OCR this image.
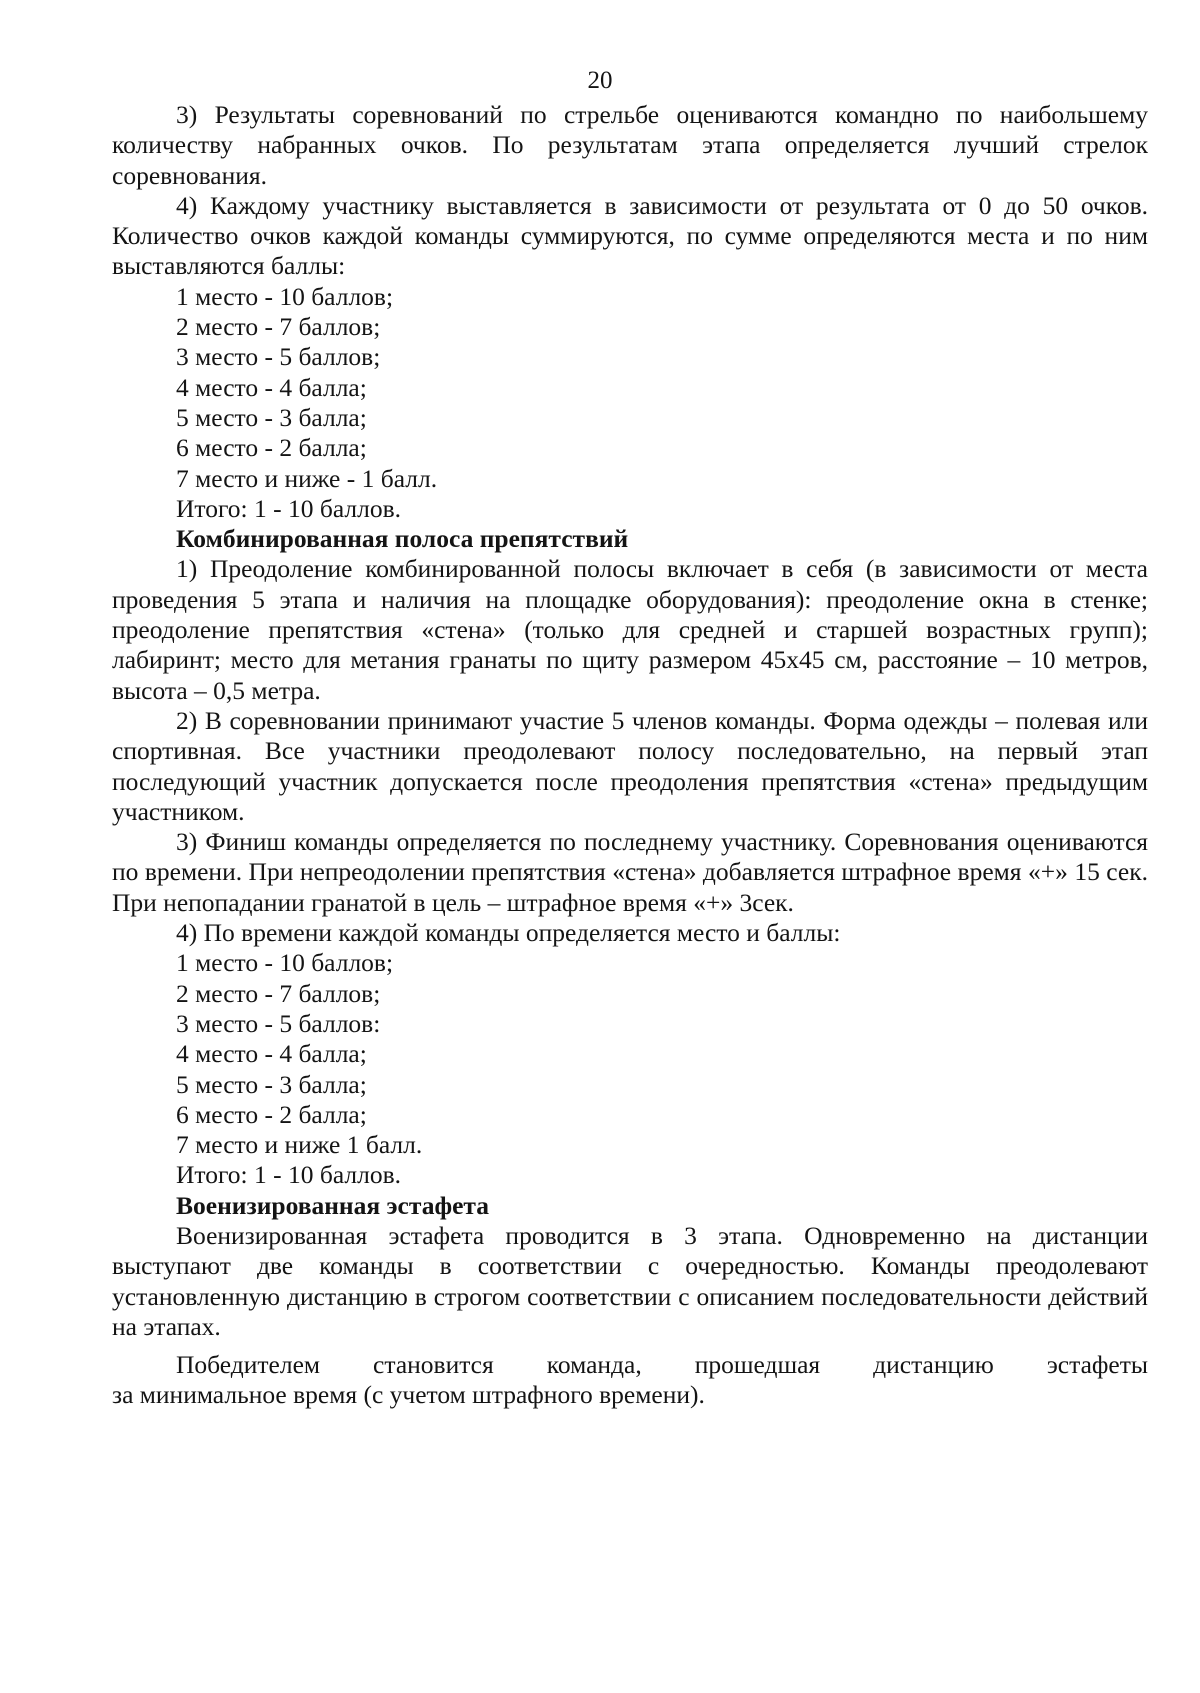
20

3) Результаты соревнований по стрельбе оцениваются командно по наибольшему количеству набранных очков. По результатам этапа определяется лучший стрелок соревнования.

4) Каждому участнику выставляется в зависимости от результата от 0 до 50 очков. Количество очков каждой команды суммируются, по сумме определяются места и по ним выставляются баллы:

1 место - 10 баллов;
2 место - 7 баллов;
3 место - 5 баллов;
4 место - 4 балла;
5 место - 3 балла;
6 место - 2 балла;
7 место и ниже - 1 балл.
Итого: 1 - 10 баллов.
Комбинированная полоса препятствий

1) Преодоление комбинированной полосы включает в себя (в зависимости от места проведения 5 этапа и наличия на площадке оборудования): преодоление окна в стенке; преодоление препятствия «стена» (только для средней и старшей возрастных групп); лабиринт; место для метания гранаты по щиту размером 45х45 см, расстояние – 10 метров, высота – 0,5 метра.

2) В соревновании принимают участие 5 членов команды. Форма одежды – полевая или спортивная. Все участники преодолевают полосу последовательно, на первый этап последующий участник допускается после преодоления препятствия «стена» предыдущим участником.

3) Финиш команды определяется по последнему участнику. Соревнования оцениваются по времени. При непреодолении препятствия «стена» добавляется штрафное время «+» 15 сек. При непопадании гранатой в цель – штрафное время «+» 3сек.

4) По времени каждой команды определяется место и баллы:

1 место - 10 баллов;
2 место - 7 баллов;
3 место - 5 баллов:
4 место - 4 балла;
5 место - 3 балла;
6 место - 2 балла;
7 место и ниже 1 балл.
Итого: 1 - 10 баллов.
Военизированная эстафета

Военизированная эстафета проводится в 3 этапа. Одновременно на дистанции выступают две команды в соответствии с очередностью. Команды преодолевают установленную дистанцию в строгом соответствии с описанием последовательности действий на этапах.

Победителем становится команда, прошедшая дистанцию эстафеты

за минимальное время (с учетом штрафного времени).
